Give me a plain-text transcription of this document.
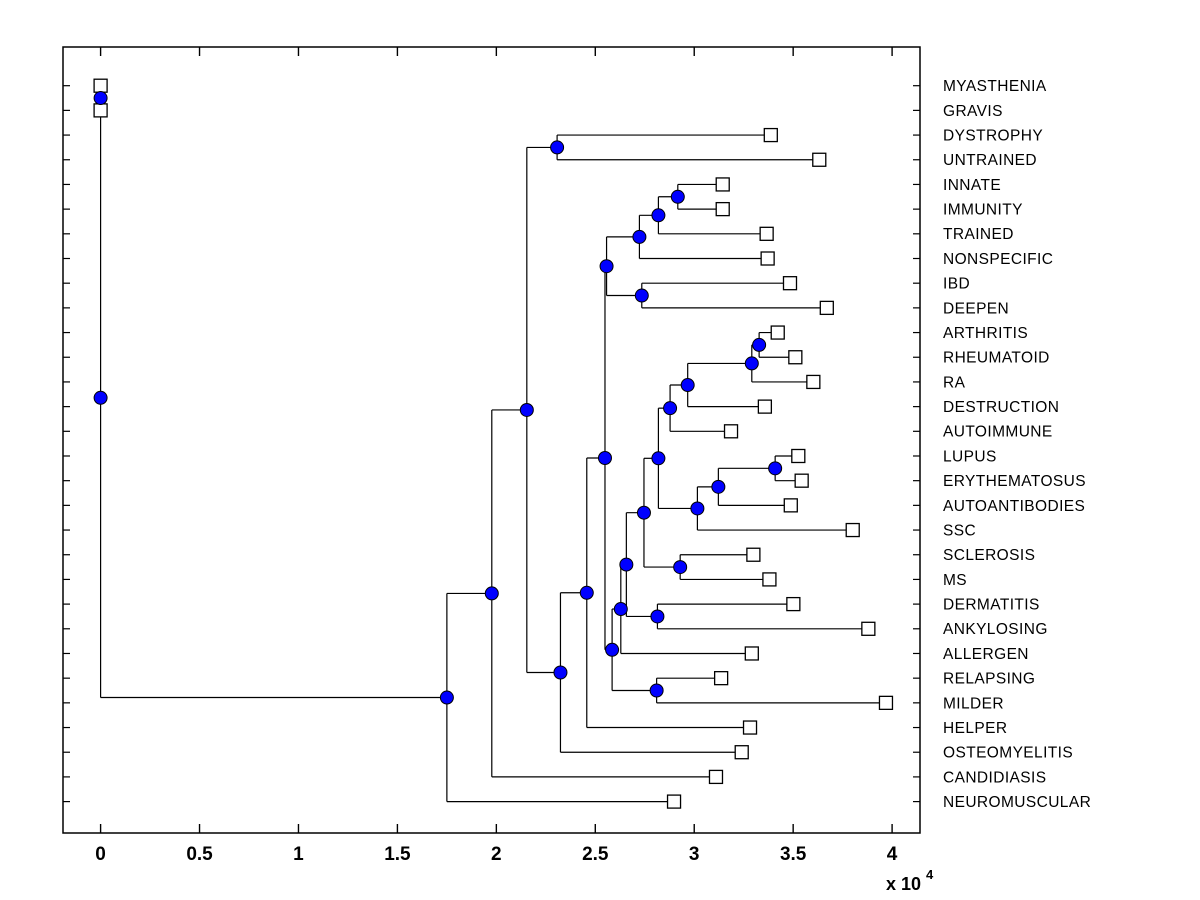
0	0.5	1	1.5	2	2.5	3	3.5	4
x 10 $^4$
MYASTHENIA
GRAVIS
DYSTROPHY
UNTRAINED
INNATE
IMMUNITY
TRAINED
NONSPECIFIC
IBD
DEEPEN
ARTHRITIS
RHEUMATOID
RA
DESTRUCTION
AUTOIMMUNE
LUPUS
ERYTHEMATOSUS
AUTOANTIBODIES
SSC
SCLEROSIS
MS
DERMATITIS
ANKYLOSING
ALLERGEN
RELAPSING
MILDER
HELPER
OSTEOMYELITIS
CANDIDIASIS
NEUROMUSCULAR
